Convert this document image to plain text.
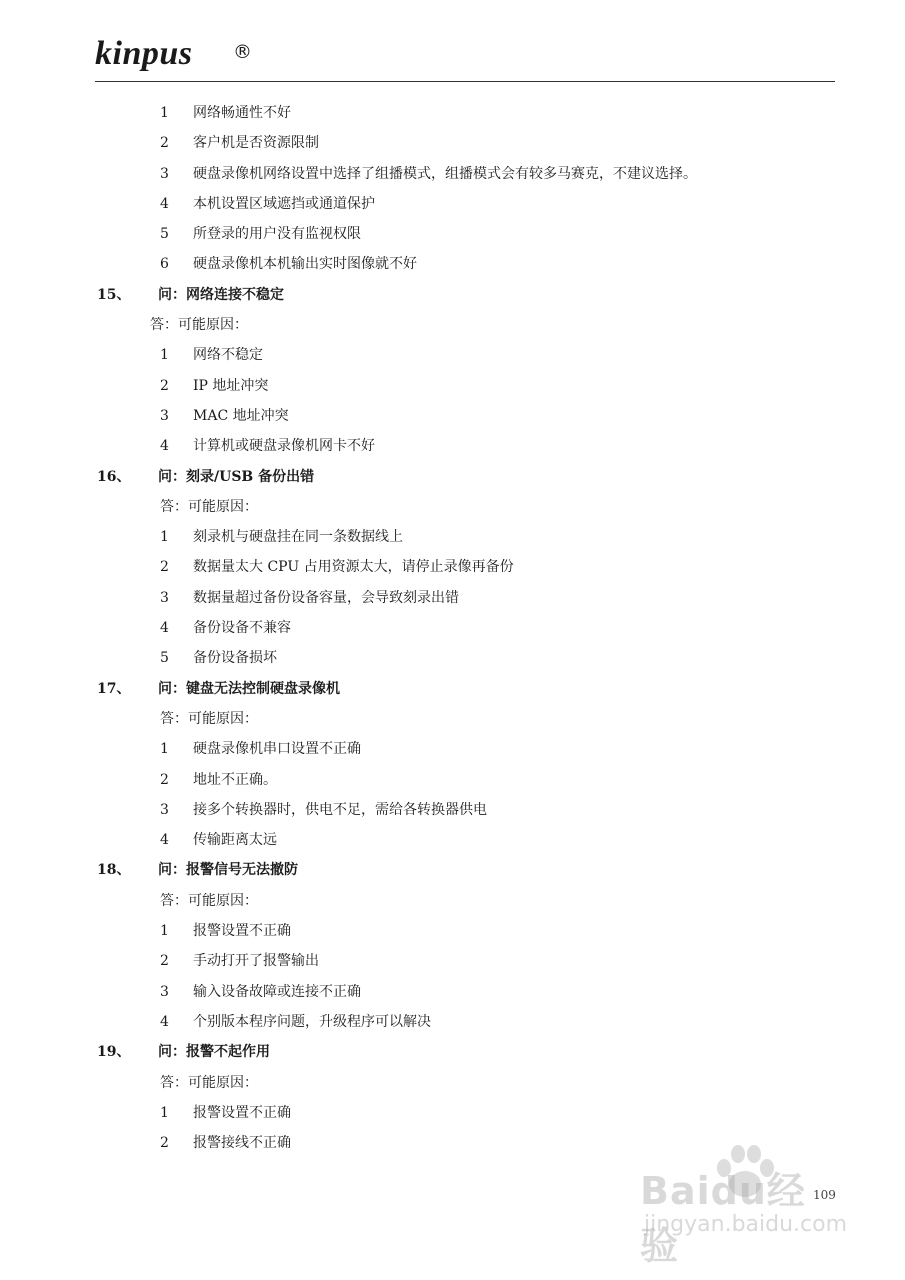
kinpus ®
1 网络畅通性不好
2 客户机是否资源限制
3 硬盘录像机网络设置中选择了组播模式，组播模式会有较多马赛克，不建议选择。
4 本机设置区域遮挡或通道保护
5 所登录的用户没有监视权限
6 硬盘录像机本机输出实时图像就不好
15、 问：网络连接不稳定
答：可能原因：
1 网络不稳定
2 IP 地址冲突
3 MAC 地址冲突
4 计算机或硬盘录像机网卡不好
16、 问：刻录/USB 备份出错
答：可能原因：
1 刻录机与硬盘挂在同一条数据线上
2 数据量太大 CPU 占用资源太大，请停止录像再备份
3 数据量超过备份设备容量，会导致刻录出错
4 备份设备不兼容
5 备份设备损坏
17、 问：键盘无法控制硬盘录像机
答：可能原因：
1 硬盘录像机串口设置不正确
2 地址不正确。
3 接多个转换器时，供电不足，需给各转换器供电
4 传输距离太远
18、 问：报警信号无法撤防
答：可能原因：
1 报警设置不正确
2 手动打开了报警输出
3 输入设备故障或连接不正确
4 个别版本程序问题，升级程序可以解决
19、 问：报警不起作用
答：可能原因：
1 报警设置不正确
2 报警接线不正确
109
Baidu经验
jingyan.baidu.com
